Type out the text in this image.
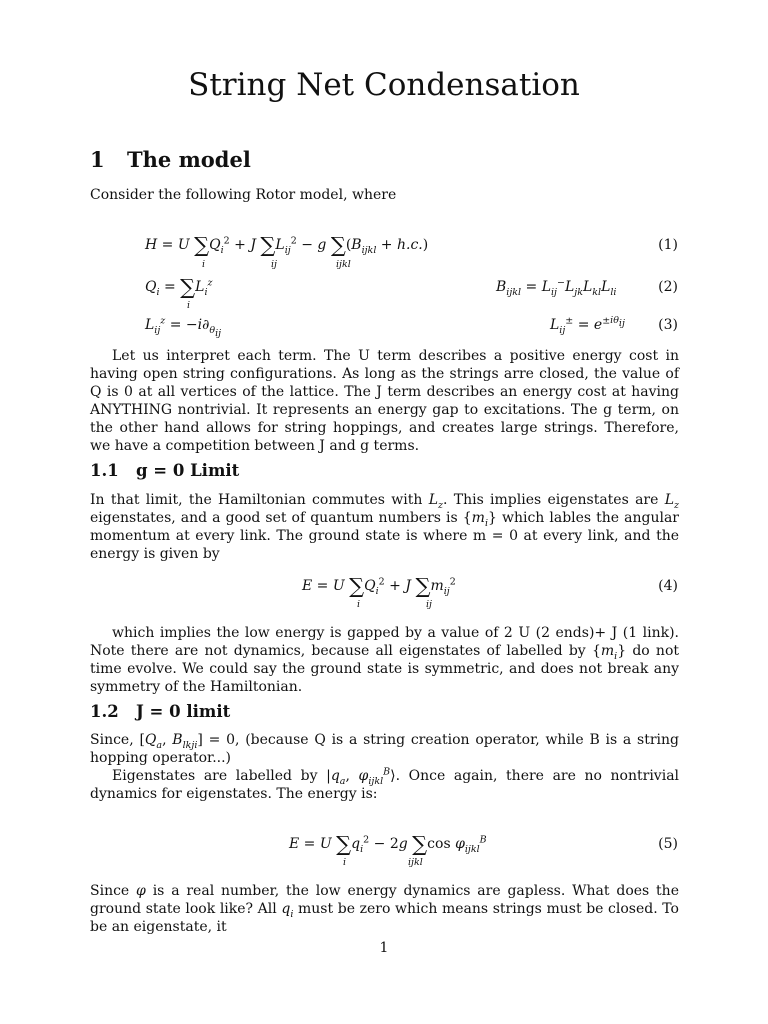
String Net Condensation
1 The model
Consider the following Rotor model, where
H = U $\sum Q_i^2 + J$ $\sum L_{ij}^2 - g$ $\sum(B_{ijkl} + h.c.)$
i	ij	ijkl
(1)
$Q_i = \sum L_i^z$
i
$B_{ijkl} = L_{ij}^-L_{jk}L_{kl}L_{li}$	(2)
$L_{ij}^z = -i\partial_{\theta_{ij}}$
$L_{ij}^\pm = e^{\pm i\theta_{ij}}$ (3)

Let us interpret each term. The U term describes a positive energy cost in having open string configurations. As long as the strings arre closed, the value of Q is 0 at all vertices of the lattice. The J term describes an energy cost at having ANYTHING nontrivial. It represents an energy gap to excitations. The g term, on the other hand allows for string hoppings, and creates large strings. Therefore, we have a competition between J and g terms.

1.1 g = 0 Limit

In that limit, the Hamiltonian commutes with $L_z$. This implies eigenstates are $L_z$ eigenstates, and a good set of quantum numbers is $\{m_i\}$ which lables the angular momentum at every link. The ground state is where m = 0 at every link, and the energy is given by

E = U $\sum Q_i^2 + J$ $\sum m_{ij}^2$
i	ij
(4)

which implies the low energy is gapped by a value of 2 U (2 ends)+ J (1 link). Note there are not dynamics, because all eigenstates of labelled by $\{m_i\}$ do not time evolve. We could say the ground state is symmetric, and does not break any symmetry of the Hamiltonian.

1.2 J = 0 limit

Since, [$Q_a$, $B_{lkji}] = 0$, (because Q is a string creation operator, while B is a string hopping operator...)

Eigenstates are labelled by $|q_a$, $\varphi_{ijkl}^B⟩$. Once again, there are no nontrivial dynamics for eigenstates. The energy is:

E = U $\sum q_i^2 - 2g$ ∑cos $\varphi_{ijkl}^B$
i	ijkl
(5)

Since φ is a real number, the low energy dynamics are gapless. What does the ground state look like? All $q_i$ must be zero which means strings must be closed. To be an eigenstate, it

1
